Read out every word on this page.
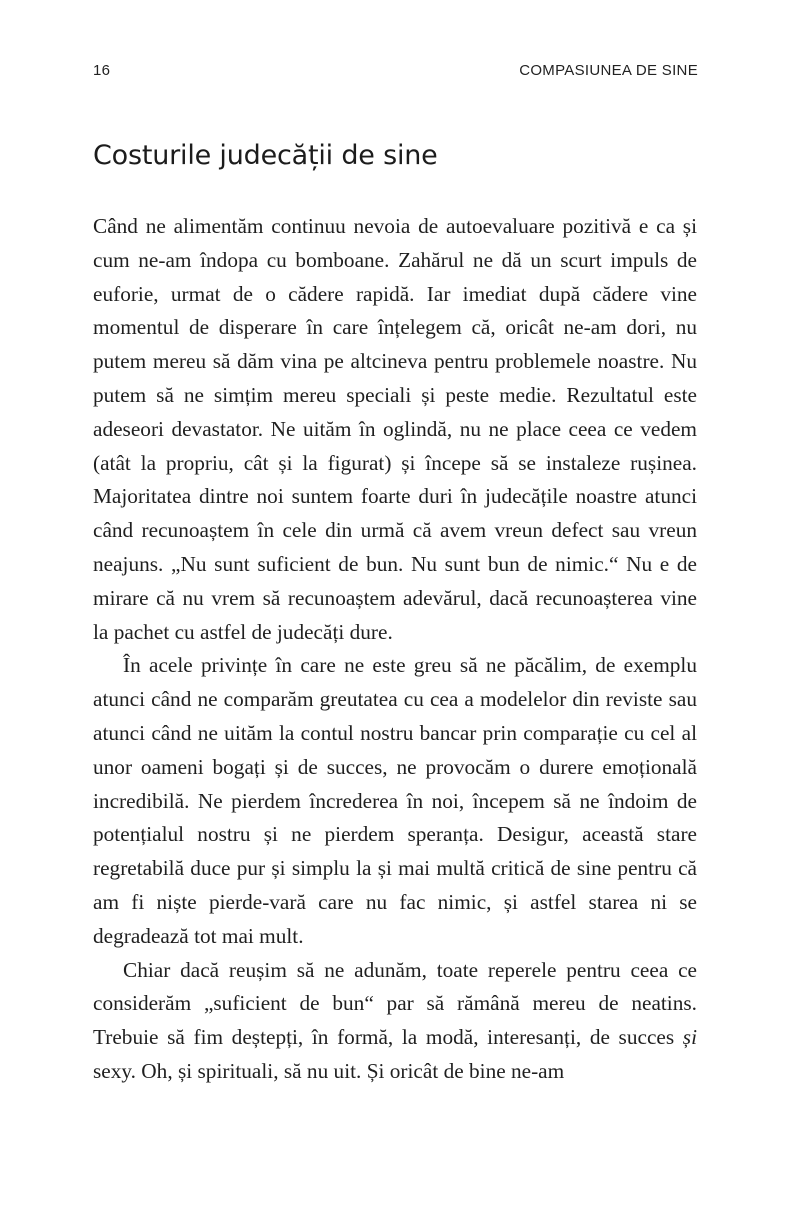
16	COMPASIUNEA DE SINE
Costurile judecății de sine

Când ne alimentăm continuu nevoia de autoevaluare pozitivă e ca și cum ne-am îndopa cu bomboane. Zahărul ne dă un scurt impuls de euforie, urmat de o cădere rapidă. Iar imediat după cădere vine momentul de disperare în care înțelegem că, oricât ne-am dori, nu putem mereu să dăm vina pe altcineva pentru problemele noastre. Nu putem să ne simțim mereu speciali și peste medie. Rezultatul este adeseori devastator. Ne uităm în oglindă, nu ne place ceea ce vedem (atât la propriu, cât și la figurat) și începe să se instaleze rușinea. Majoritatea dintre noi suntem foarte duri în judecățile noastre atunci când recunoaștem în cele din urmă că avem vreun defect sau vreun neajuns. „Nu sunt suficient de bun. Nu sunt bun de nimic.“ Nu e de mirare că nu vrem să recunoaștem adevărul, dacă recunoașterea vine la pachet cu astfel de judecăți dure.

În acele privințe în care ne este greu să ne păcălim, de exemplu atunci când ne comparăm greutatea cu cea a modelelor din reviste sau atunci când ne uităm la contul nostru bancar prin comparație cu cel al unor oameni bogați și de succes, ne provocăm o durere emoțională incredibilă. Ne pierdem încrederea în noi, începem să ne îndoim de potențialul nostru și ne pierdem speranța. Desigur, această stare regretabilă duce pur și simplu la și mai multă critică de sine pentru că am fi niște pierde-vară care nu fac nimic, și astfel starea ni se degradează tot mai mult.

Chiar dacă reușim să ne adunăm, toate reperele pentru ceea ce considerăm „suficient de bun“ par să rămână mereu de neatins. Trebuie să fim deștepți, în formă, la modă, interesanți, de succes și sexy. Oh, și spirituali, să nu uit. Și oricât de bine ne-am
